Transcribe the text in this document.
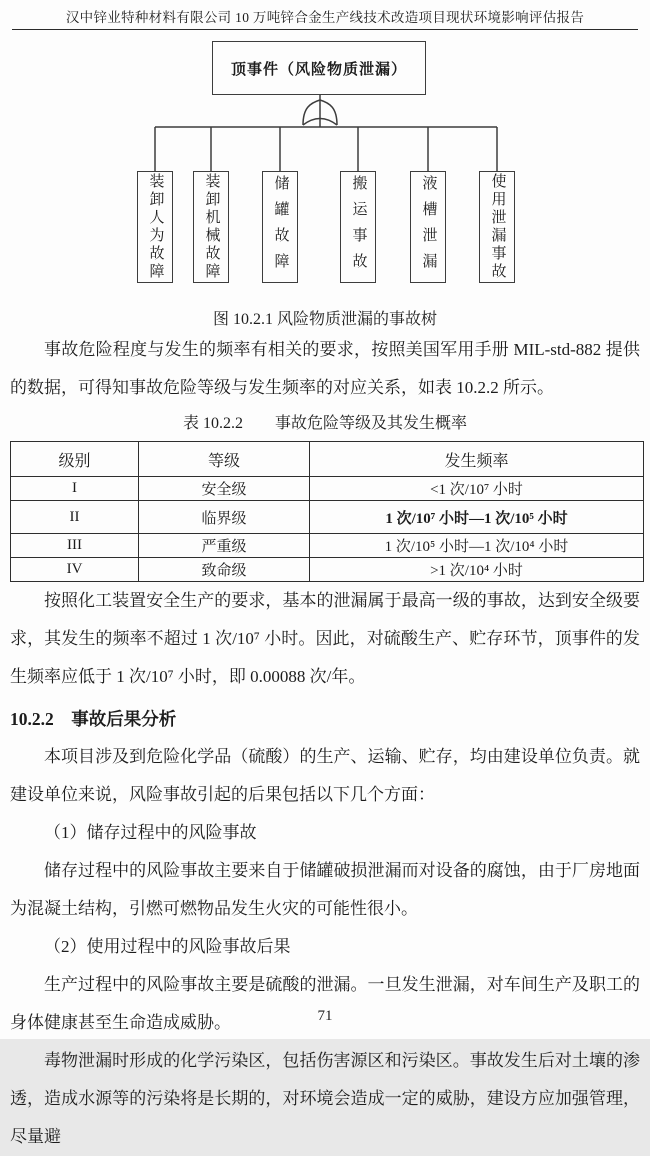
汉中锌业特种材料有限公司 10 万吨锌合金生产线技术改造项目现状环境影响评估报告
顶事件（风险物质泄漏）
装卸人为故障	装卸机械故障	储罐故障	搬运事故	液槽泄漏	使用泄漏事故
图 10.2.1 风险物质泄漏的事故树

事故危险程度与发生的频率有相关的要求，按照美国军用手册 MIL-std-882 提供的数据，可得知事故危险等级与发生频率的对应关系，如表 10.2.2 所示。

表 10.2.2　　事故危险等级及其发生概率
级别	等级	发生频率
I	安全级	<1 次/10⁷ 小时
II	临界级	1 次/10⁷ 小时—1 次/10⁵ 小时
III	严重级	1 次/10⁵ 小时—1 次/10⁴ 小时
IV	致命级	>1 次/10⁴ 小时

按照化工装置安全生产的要求，基本的泄漏属于最高一级的事故，达到安全级要求，其发生的频率不超过 1 次/10⁷ 小时。因此，对硫酸生产、贮存环节，顶事件的发生频率应低于 1 次/10⁷ 小时，即 0.00088 次/年。

10.2.2 事故后果分析

本项目涉及到危险化学品（硫酸）的生产、运输、贮存，均由建设单位负责。就建设单位来说，风险事故引起的后果包括以下几个方面：

（1）储存过程中的风险事故

储存过程中的风险事故主要来自于储罐破损泄漏而对设备的腐蚀，由于厂房地面为混凝土结构，引燃可燃物品发生火灾的可能性很小。

（2）使用过程中的风险事故后果

生产过程中的风险事故主要是硫酸的泄漏。一旦发生泄漏，对车间生产及职工的身体健康甚至生命造成威胁。

毒物泄漏时形成的化学污染区，包括伤害源区和污染区。事故发生后对土壤的渗透，造成水源等的污染将是长期的，对环境会造成一定的威胁，建设方应加强管理，尽量避

71
